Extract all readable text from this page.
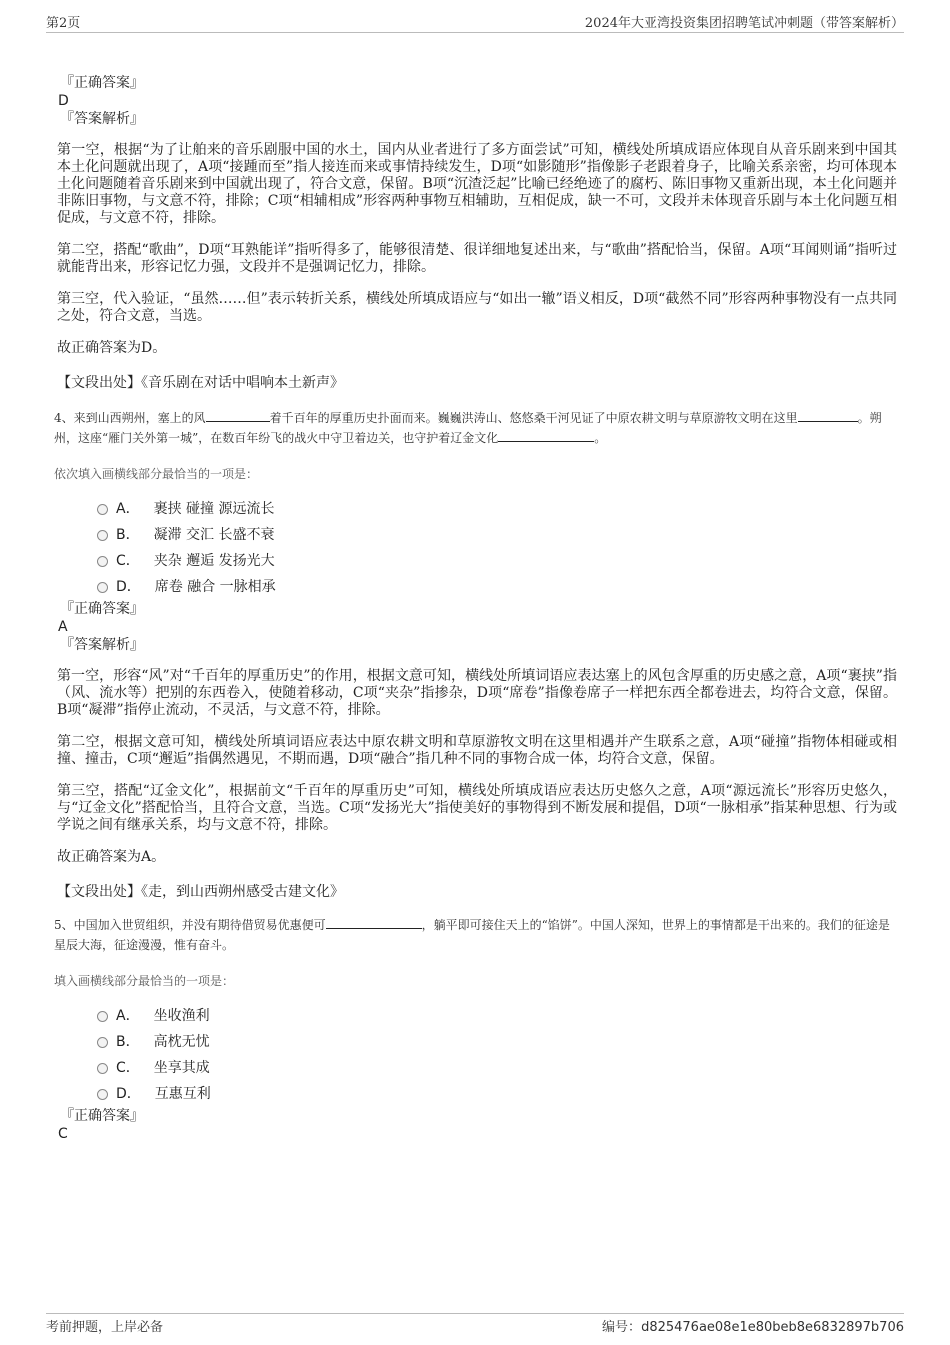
第2页	2024年大亚湾投资集团招聘笔试冲刺题（带答案解析）
『正确答案』
D
『答案解析』

第一空，根据“为了让舶来的音乐剧服中国的水土，国内从业者进行了多方面尝试”可知，横线处所填成语应体现自从音乐剧来到中国其本土化问题就出现了，A项“接踵而至”指人接连而来或事情持续发生，D项“如影随形”指像影子老跟着身子，比喻关系亲密，均可体现本土化问题随着音乐剧来到中国就出现了，符合文意，保留。B项“沉渣泛起”比喻已经绝迹了的腐朽、陈旧事物又重新出现，本土化问题并非陈旧事物，与文意不符，排除；C项“相辅相成”形容两种事物互相辅助，互相促成，缺一不可，文段并未体现音乐剧与本土化问题互相促成，与文意不符，排除。

第二空，搭配“歌曲”，D项“耳熟能详”指听得多了，能够很清楚、很详细地复述出来，与“歌曲”搭配恰当，保留。A项“耳闻则诵”指听过就能背出来，形容记忆力强，文段并不是强调记忆力，排除。

第三空，代入验证，“虽然……但”表示转折关系，横线处所填成语应与“如出一辙”语义相反，D项“截然不同”形容两种事物没有一点共同之处，符合文意，当选。

故正确答案为D。

【文段出处】《音乐剧在对话中唱响本土新声》
4、来到山西朔州，塞上的风	着千百年的厚重历史扑面而来。巍巍洪涛山、悠悠桑干河见证了中原农耕文明与草原游牧文明在这里	。朔州，这座“雁门关外第一城”，在数百年纷飞的战火中守卫着边关，也守护着辽金文化	。
依次填入画横线部分最恰当的一项是：
A． 裹挟 碰撞 源远流长
B． 凝滞 交汇 长盛不衰
C． 夹杂 邂逅 发扬光大
D． 席卷 融合 一脉相承
『正确答案』
A
『答案解析』

第一空，形容“风”对“千百年的厚重历史”的作用，根据文意可知，横线处所填词语应表达塞上的风包含厚重的历史感之意，A项“裹挟”指（风、流水等）把别的东西卷入，使随着移动，C项“夹杂”指掺杂，D项“席卷”指像卷席子一样把东西全都卷进去，均符合文意，保留。B项“凝滞”指停止流动，不灵活，与文意不符，排除。

第二空，根据文意可知，横线处所填词语应表达中原农耕文明和草原游牧文明在这里相遇并产生联系之意，A项“碰撞”指物体相碰或相撞、撞击，C项“邂逅”指偶然遇见，不期而遇，D项“融合”指几种不同的事物合成一体，均符合文意，保留。

第三空，搭配“辽金文化”，根据前文“千百年的厚重历史”可知，横线处所填成语应表达历史悠久之意，A项“源远流长”形容历史悠久，与“辽金文化”搭配恰当，且符合文意，当选。C项“发扬光大”指使美好的事物得到不断发展和提倡，D项“一脉相承”指某种思想、行为或学说之间有继承关系，均与文意不符，排除。

故正确答案为A。

【文段出处】《走，到山西朔州感受古建文化》
5、中国加入世贸组织，并没有期待借贸易优惠便可	，躺平即可接住天上的“馅饼”。中国人深知，世界上的事情都是干出来的。我们的征途是星辰大海，征途漫漫，惟有奋斗。
填入画横线部分最恰当的一项是：
A． 坐收渔利
B． 高枕无忧
C． 坐享其成
D． 互惠互利
『正确答案』
C
考前押题，上岸必备	编号：d825476ae08e1e80beb8e6832897b706
